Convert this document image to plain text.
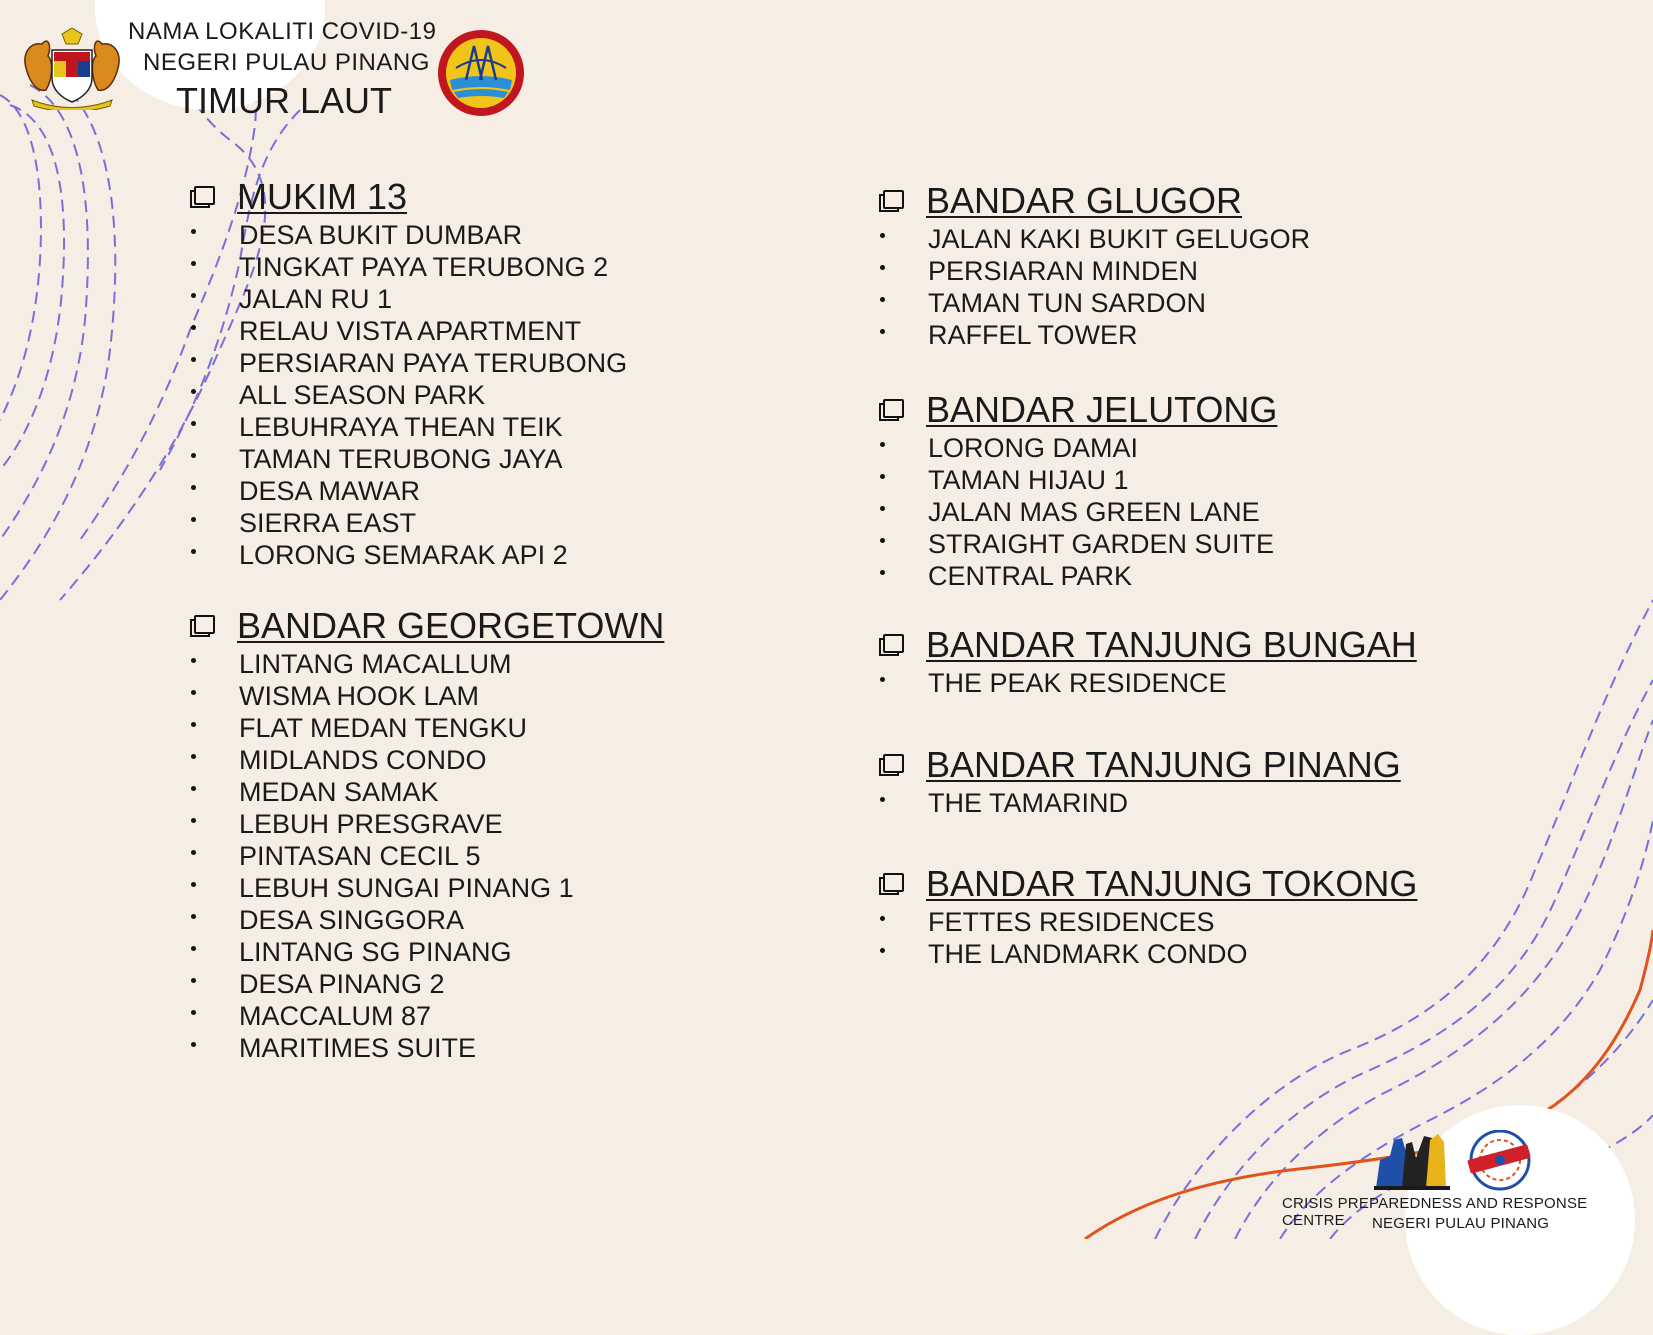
NAMA LOKALITI COVID-19
NEGERI PULAU PINANG
TIMUR LAUT
MUKIM 13
DESA BUKIT DUMBAR
TINGKAT PAYA TERUBONG 2
JALAN RU 1
RELAU VISTA APARTMENT
PERSIARAN PAYA TERUBONG
ALL SEASON PARK
LEBUHRAYA THEAN TEIK
TAMAN TERUBONG JAYA
DESA MAWAR
SIERRA EAST
LORONG SEMARAK API 2
BANDAR GEORGETOWN
LINTANG MACALLUM
WISMA HOOK LAM
FLAT MEDAN TENGKU
MIDLANDS CONDO
MEDAN SAMAK
LEBUH PRESGRAVE
PINTASAN CECIL 5
LEBUH SUNGAI PINANG 1
DESA SINGGORA
LINTANG SG PINANG
DESA PINANG 2
MACCALUM 87
MARITIMES SUITE
BANDAR GLUGOR
JALAN KAKI BUKIT GELUGOR
PERSIARAN MINDEN
TAMAN TUN SARDON
RAFFEL TOWER
BANDAR JELUTONG
LORONG DAMAI
TAMAN HIJAU 1
JALAN MAS GREEN LANE
STRAIGHT GARDEN SUITE
CENTRAL PARK
BANDAR TANJUNG BUNGAH
THE PEAK RESIDENCE
BANDAR TANJUNG PINANG
THE TAMARIND
BANDAR TANJUNG TOKONG
FETTES RESIDENCES
THE LANDMARK CONDO
CRISIS PREPAREDNESS AND RESPONSE CENTRE	NEGERI PULAU PINANG
